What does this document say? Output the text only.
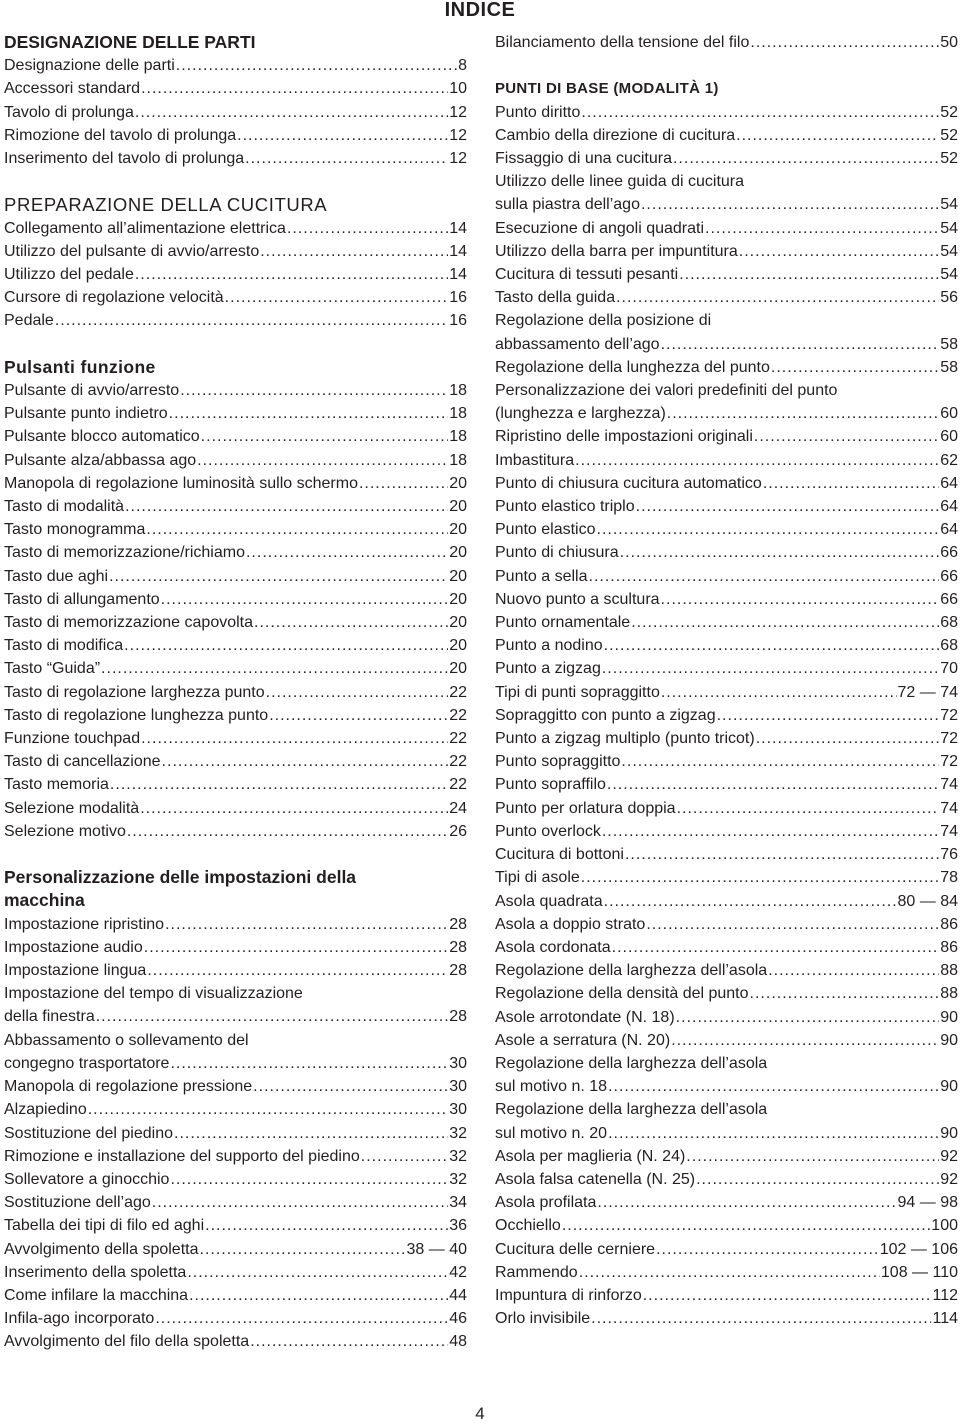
INDICE
DESIGNAZIONE DELLE PARTI
Designazione delle parti .....	8
Accessori standard .....	10
Tavolo di prolunga .....	12
Rimozione del tavolo di prolunga .....	12
Inserimento del tavolo di prolunga .....	12
PREPARAZIONE DELLA CUCITURA
Collegamento all’alimentazione elettrica .....	14
Utilizzo del pulsante di avvio/arresto .....	14
Utilizzo del pedale .....	14
Cursore di regolazione velocità .....	16
Pedale .....	16
Pulsanti funzione
Pulsante di avvio/arresto .....	18
Pulsante punto indietro .....	18
Pulsante blocco automatico .....	18
Pulsante alza/abbassa ago .....	18
Manopola di regolazione luminosità sullo schermo .....	20
Tasto di modalità .....	20
Tasto monogramma .....	20
Tasto di memorizzazione/richiamo .....	20
Tasto due aghi .....	20
Tasto di allungamento .....	20
Tasto di memorizzazione capovolta .....	20
Tasto di modifica .....	20
Tasto “Guida” .....	20
Tasto di regolazione larghezza punto .....	22
Tasto di regolazione lunghezza punto .....	22
Funzione touchpad .....	22
Tasto di cancellazione .....	22
Tasto memoria .....	22
Selezione modalità .....	24
Selezione motivo .....	26
Personalizzazione delle impostazioni della
macchina
Impostazione ripristino .....	28
Impostazione audio .....	28
Impostazione lingua .....	28
Impostazione del tempo di visualizzazione
della finestra .....	28
Abbassamento o sollevamento del
congegno trasportatore .....	30
Manopola di regolazione pressione .....	30
Alzapiedino .....	30
Sostituzione del piedino .....	32
Rimozione e installazione del supporto del piedino .....	32
Sollevatore a ginocchio .....	32
Sostituzione dell’ago .....	34
Tabella dei tipi di filo ed aghi .....	36
Avvolgimento della spoletta .....	38 — 40
Inserimento della spoletta .....	42
Come infilare la macchina .....	44
Infila-ago incorporato .....	46
Avvolgimento del filo della spoletta .....	48
Bilanciamento della tensione del filo .....	50
PUNTI DI BASE (MODALITÀ 1)
Punto diritto .....	52
Cambio della direzione di cucitura .....	52
Fissaggio di una cucitura .....	52
Utilizzo delle linee guida di cucitura
sulla piastra dell’ago .....	54
Esecuzione di angoli quadrati .....	54
Utilizzo della barra per impuntitura .....	54
Cucitura di tessuti pesanti .....	54
Tasto della guida .....	56
Regolazione della posizione di
abbassamento dell’ago .....	58
Regolazione della lunghezza del punto .....	58
Personalizzazione dei valori predefiniti del punto
(lunghezza e larghezza) .....	60
Ripristino delle impostazioni originali .....	60
Imbastitura .....	62
Punto di chiusura cucitura automatico .....	64
Punto elastico triplo .....	64
Punto elastico .....	64
Punto di chiusura .....	66
Punto a sella .....	66
Nuovo punto a scultura .....	66
Punto ornamentale .....	68
Punto a nodino .....	68
Punto a zigzag .....	70
Tipi di punti sopraggitto .....	72 — 74
Sopraggitto con punto a zigzag .....	72
Punto a zigzag multiplo (punto tricot) .....	72
Punto sopraggitto .....	72
Punto sopraffilo .....	74
Punto per orlatura doppia .....	74
Punto overlock .....	74
Cucitura di bottoni .....	76
Tipi di asole .....	78
Asola quadrata .....	80 — 84
Asola a doppio strato .....	86
Asola cordonata .....	86
Regolazione della larghezza dell’asola .....	88
Regolazione della densità del punto .....	88
Asole arrotondate (N. 18) .....	90
Asole a serratura (N. 20) .....	90
Regolazione della larghezza dell’asola
sul motivo n. 18 .....	90
Regolazione della larghezza dell’asola
sul motivo n. 20 .....	90
Asola per maglieria (N. 24) .....	92
Asola falsa catenella (N. 25) .....	92
Asola profilata .....	94 — 98
Occhiello .....	100
Cucitura delle cerniere .....	102 — 106
Rammendo .....	108 — 110
Impuntura di rinforzo .....	112
Orlo invisibile .....	114
4
